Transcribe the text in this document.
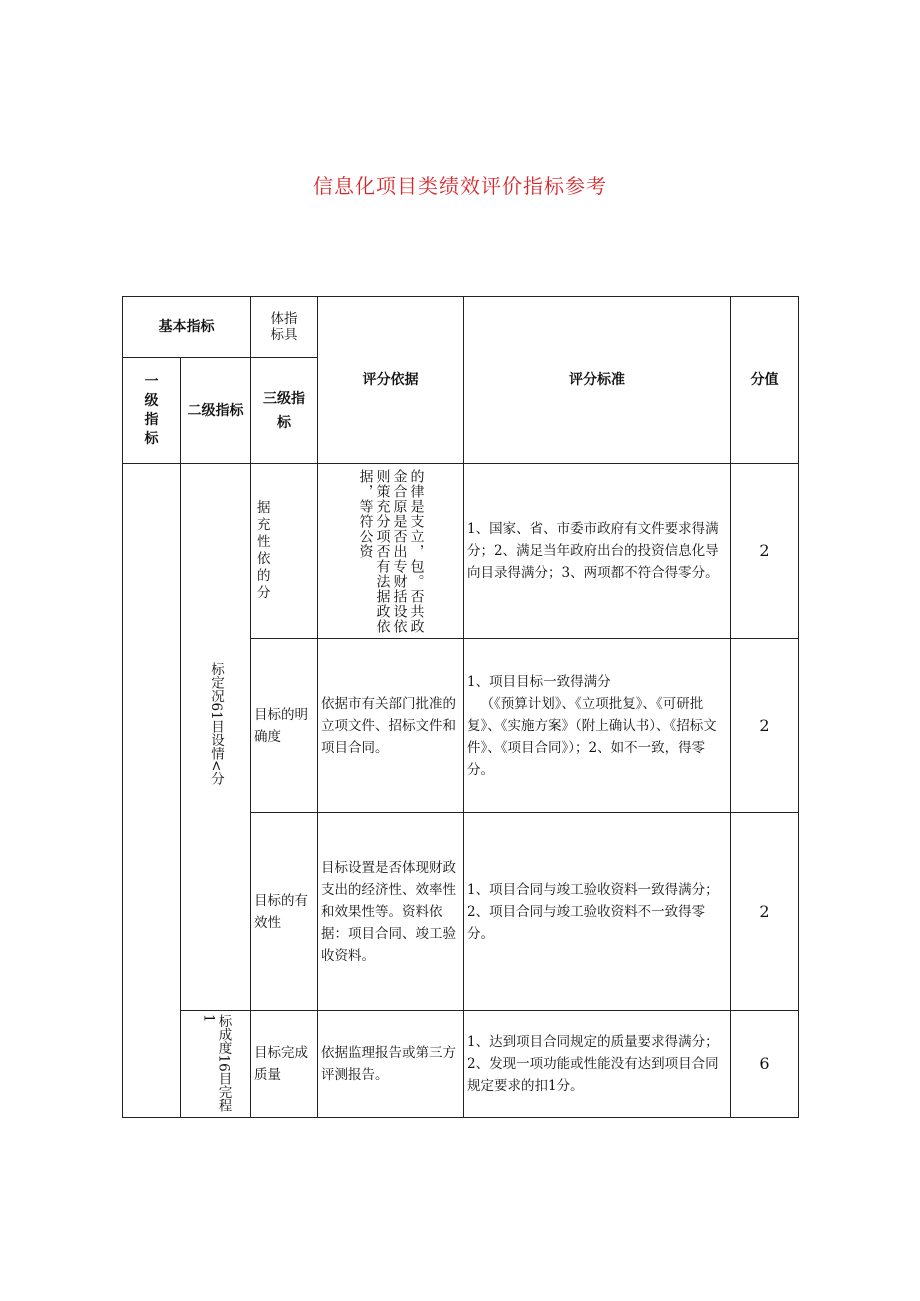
信息化项目类绩效评价指标参考
基本指标		体指标具	评分依据	评分标准	分值
一级指标	二级指标	三级指标			

	标定况61目设情<分	据充性依的分	的律是支立，包。否共政金合原是否出专财括设依则策充分项否有法据政依据，等符公资	1、国家、省、市委市政府有文件要求得满分；2、满足当年政府出台的投资信息化导向目录得满分；3、两项都不符合得零分。	2
		目标的明确度	依据市有关部门批准的立项文件、招标文件和项目合同。	1、项目目标一致得满分
（《预算计划》、《立项批复》、《可研批复》、《实施方案》（附上确认书）、《招标文件》、《项目合同》）；2、如不一致，得零分。	2
		目标的有效性	目标设置是否体现财政支出的经济性、效率性和效果性等。资料依据：项目合同、竣工验收资料。	1、项目合同与竣工验收资料一致得满分；
2、项目合同与竣工验收资料不一致得零分。	2

	标成度16目完程1	目标完成质量	依据监理报告或第三方评测报告。	1、达到项目合同规定的质量要求得满分；2、发现一项功能或性能没有达到项目合同规定要求的扣1分。	6
